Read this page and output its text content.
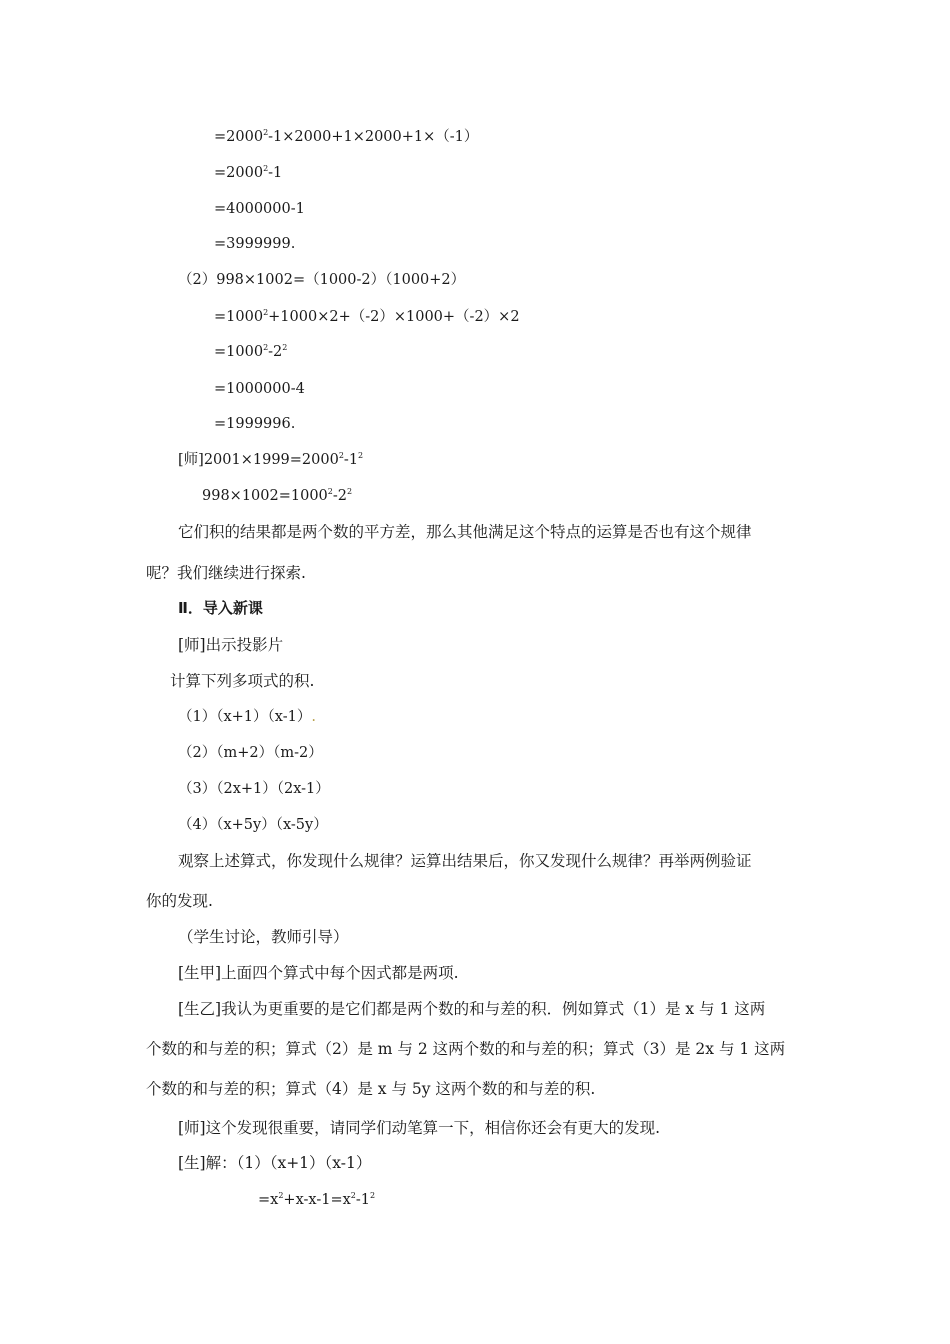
$=2000^2-1\times 2000+1\times 2000+1\times(-1)$
$=2000^2-1$
=4000000-1
=3999999.
（2）998×1002=（1000-2）（1000+2）
$=1000^2+1000\times 2+(-2)\times 1000+(-2)\times 2$
$=1000^2-2^2$
=1000000-4
=1999996.
[师]$2001\times 1999=2000^2-1^2$
$998\times 1002=1000^2-2^2$
它们积的结果都是两个数的平方差，那么其他满足这个特点的运算是否也有这个规律
呢？我们继续进行探索.
Ⅱ．导入新课
[师]出示投影片
计算下列多项式的积.
（1）（x+1）（x-1）.
（2）（m+2）（m-2）
（3）（2x+1）（2x-1）
（4）（x+5y）（x-5y）
观察上述算式，你发现什么规律？运算出结果后，你又发现什么规律？再举两例验证
你的发现.
（学生讨论，教师引导）
[生甲]上面四个算式中每个因式都是两项.
[生乙]我认为更重要的是它们都是两个数的和与差的积．例如算式（1）是 x 与 1 这两
个数的和与差的积；算式（2）是 m 与 2 这两个数的和与差的积；算式（3）是 2x 与 1 这两
个数的和与差的积；算式（4）是 x 与 5y 这两个数的和与差的积.
[师]这个发现很重要，请同学们动笔算一下，相信你还会有更大的发现.
[生]解：（1）（x+1）（x-1）
$=x^2+x-x-1=x^2-1^2$
